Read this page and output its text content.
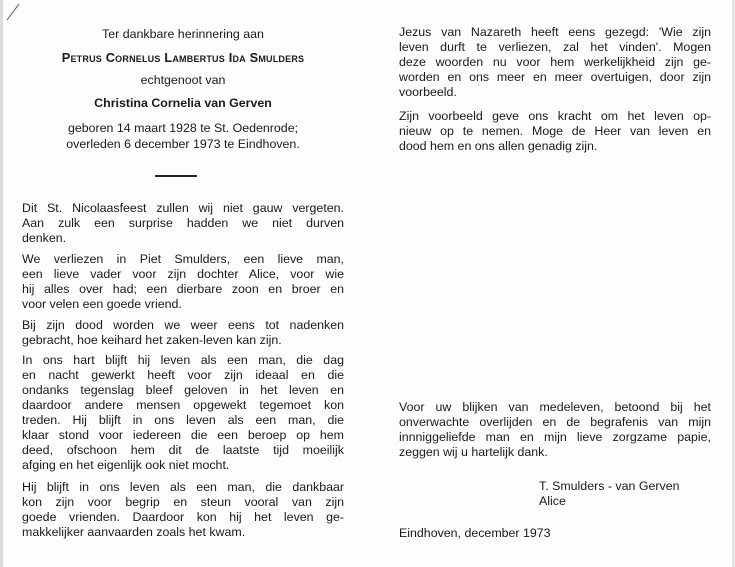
Ter dankbare herinnering aan
Petrus Cornelus Lambertus Ida Smulders
echtgenoot van
Christina Cornelia van Gerven
geboren 14 maart 1928 te St. Oedenrode;
overleden 6 december 1973 te Eindhoven.
Dit St. Nicolaasfeest zullen wij niet gauw vergeten.
Aan zulk een surprise hadden we niet durven
denken.
We verliezen in Piet Smulders, een lieve man,
een lieve vader voor zijn dochter Alice, voor wie
hij alles over had; een dierbare zoon en broer en
voor velen een goede vriend.
Bij zijn dood worden we weer eens tot nadenken
gebracht, hoe keihard het zaken-leven kan zijn.
In ons hart blijft hij leven als een man, die dag
en nacht gewerkt heeft voor zijn ideaal en die
ondanks tegenslag bleef geloven in het leven en
daardoor andere mensen opgewekt tegemoet kon
treden. Hij blijft in ons leven als een man, die
klaar stond voor iedereen die een beroep op hem
deed, ofschoon hem dit de laatste tijd moeilijk
afging en het eigenlijk ook niet mocht.
Hij blijft in ons leven als een man, die dankbaar
kon zijn voor begrip en steun vooral van zijn
goede vrienden. Daardoor kon hij het leven ge-
makkelijker aanvaarden zoals het kwam.
Jezus van Nazareth heeft eens gezegd: 'Wie zijn
leven durft te verliezen, zal het vinden'. Mogen
deze woorden nu voor hem werkelijkheid zijn ge-
worden en ons meer en meer overtuigen, door zijn
voorbeeld.
Zijn voorbeeld geve ons kracht om het leven op-
nieuw op te nemen. Moge de Heer van leven en
dood hem en ons allen genadig zijn.
Voor uw blijken van medeleven, betoond bij het
onverwachte overlijden en de begrafenis van mijn
innniggeliefde man en mijn lieve zorgzame papie,
zeggen wij u hartelijk dank.
T. Smulders - van Gerven
Alice
Eindhoven, december 1973
